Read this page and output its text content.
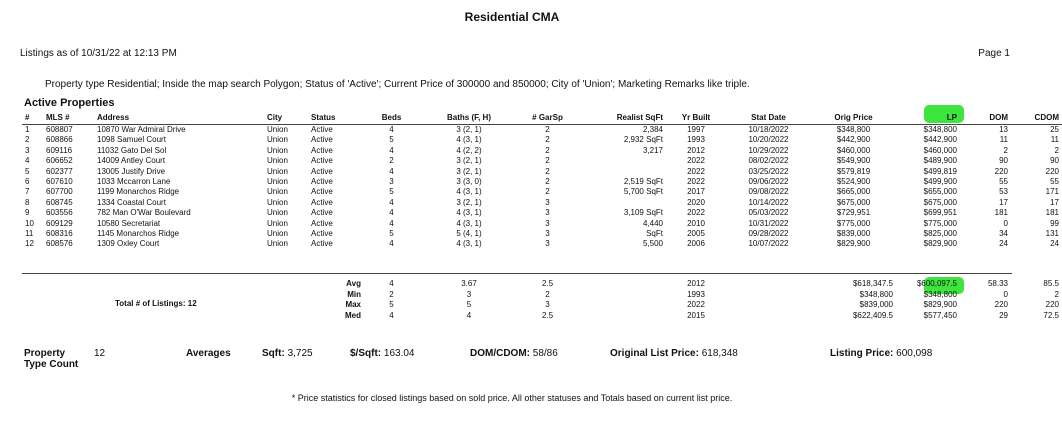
Residential CMA
Listings as of 10/31/22 at 12:13 PM	Page 1
Property type Residential; Inside the map search Polygon; Status of 'Active'; Current Price of 300000 and 850000; City of 'Union'; Marketing Remarks like triple.
Active Properties
#	MLS #	Address	City	Status	Beds	Baths (F, H)	# GarSp	Realist SqFt	Yr Built	Stat Date	Orig Price	LP	DOM	CDOM
1	608807	10870 War Admiral Drive	Union	Active	4	3 (2, 1)	2	2,384	1997	10/18/2022	$348,800	$348,800	13	25
2	608866	1098 Samuel Court	Union	Active	5	4 (3, 1)	2	2,932 SqFt	1993	10/20/2022	$442,900	$442,900	11	11
3	609116	11032 Gato Del Sol	Union	Active	4	4 (2, 2)	2	3,217	2012	10/29/2022	$460,000	$460,000	2	2
4	606652	14009 Antley Court	Union	Active	2	3 (2, 1)	2		2022	08/02/2022	$549,900	$489,900	90	90
5	602377	13005 Justify Drive	Union	Active	4	3 (2, 1)	2		2022	03/25/2022	$579,819	$499,819	220	220
6	607610	1033 Mccarron Lane	Union	Active	3	3 (3, 0)	2	2,519 SqFt	2022	09/06/2022	$524,900	$499,900	55	55
7	607700	1199 Monarchos Ridge	Union	Active	5	4 (3, 1)	2	5,700 SqFt	2017	09/08/2022	$665,000	$655,000	53	171
8	608745	1334 Coastal Court	Union	Active	4	3 (2, 1)	3		2020	10/14/2022	$675,000	$675,000	17	17
9	603556	782 Man O'War Boulevard	Union	Active	4	4 (3, 1)	3	3,109 SqFt	2022	05/03/2022	$729,951	$699,951	181	181
10	609129	10580 Secretariat	Union	Active	4	4 (3, 1)	3	4,440	2010	10/31/2022	$775,000	$775,000	0	99
11	608316	1145 Monarchos Ridge	Union	Active	5	5 (4, 1)	3	SqFt	2005	09/28/2022	$839,000	$825,000	34	131
12	608576	1309 Oxley Court	Union	Active	4	4 (3, 1)	3	5,500	2006	10/07/2022	$829,900	$829,900	24	24
Total # of Listings: 12
	Avg	4	3.67	2.5		2012		$618,347.5	$600,097.5	58.33	85.5
	Min	2	3	2		1993		$348,800	$348,800	0	2
	Max	5	5	3		2022		$839,000	$829,900	220	220
	Med	4	4	2.5		2015		$622,409.5	$577,450	29	72.5
Property
Type Count
12	Averages	Sqft: 3,725	$/Sqft: 163.04	DOM/CDOM: 58/86	Original List Price: 618,348	Listing Price: 600,098
* Price statistics for closed listings based on sold price. All other statuses and Totals based on current list price.
